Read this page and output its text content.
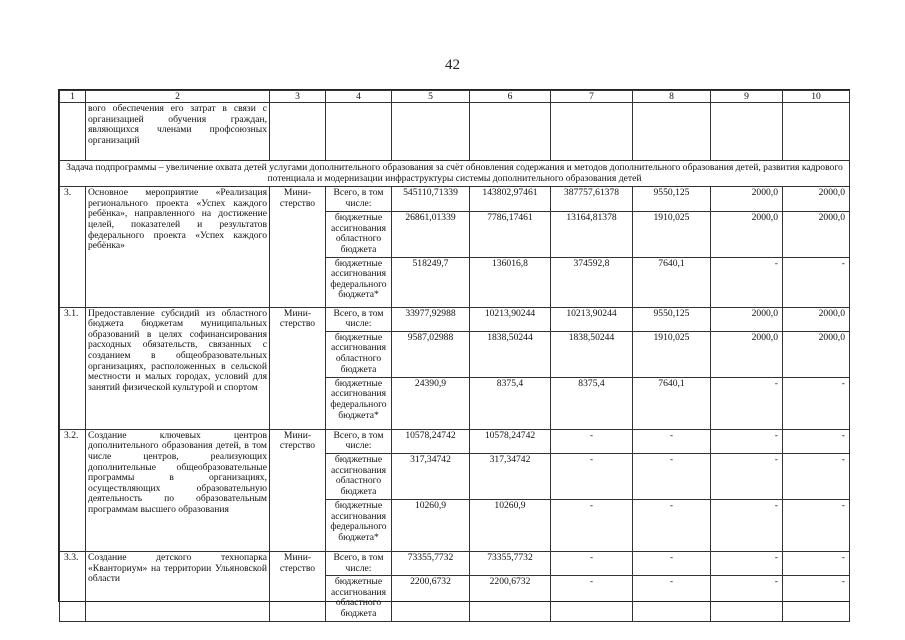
42
1	2	3	4	5	6	7	8	9	10
	вого обеспечения его затрат в связи с организацией обучения граждан, являющихся членами профсоюзных организаций								
Задача подпрограммы – увеличение охвата детей услугами дополнительного образования за счёт обновления содержания и методов дополнительного образования детей, развития кадрового потенциала и модернизации инфраструктуры системы дополнительного образования детей									
3.	Основное мероприятие «Реализация регионального проекта «Успех каждого ребёнка», направленного на достижение целей, показателей и результатов федерального проекта «Успех каждого ребёнка»	Мини-стерство	Всего, в том числе:	545110,71339	143802,97461	387757,61378	9550,125	2000,0	2000,0
			бюджетные ассигнования областного бюджета	26861,01339	7786,17461	13164,81378	1910,025	2000,0	2000,0
			бюджетные ассигнования федерального бюджета*	518249,7	136016,8	374592,8	7640,1	-	-
3.1.	Предоставление субсидий из областного бюджета бюджетам муниципальных образований в целях софинансирования расходных обязательств, связанных с созданием в общеобразовательных организациях, расположенных в сельской местности и малых городах, условий для занятий физической культурой и спортом	Мини-стерство	Всего, в том числе:	33977,92988	10213,90244	10213,90244	9550,125	2000,0	2000,0
			бюджетные ассигнования областного бюджета	9587,02988	1838,50244	1838,50244	1910,025	2000,0	2000,0
			бюджетные ассигнования федерального бюджета*	24390,9	8375,4	8375,4	7640,1	-	-
3.2.	Создание ключевых центров дополнительного образования детей, в том числе центров, реализующих дополнительные общеобразовательные программы в организациях, осуществляющих образовательную деятельность по образовательным программам высшего образования	Мини-стерство	Всего, в том числе:	10578,24742	10578,24742	-	-	-	-
			бюджетные ассигнования областного бюджета	317,34742	317,34742	-	-	-	-
			бюджетные ассигнования федерального бюджета*	10260,9	10260,9	-	-	-	-
3.3.	Создание детского технопарка «Кванториум» на территории Ульяновской области	Мини-стерство	Всего, в том числе:	73355,7732	73355,7732	-	-	-	-
			бюджетные ассигнования областного бюджета	2200,6732	2200,6732	-	-	-	-
